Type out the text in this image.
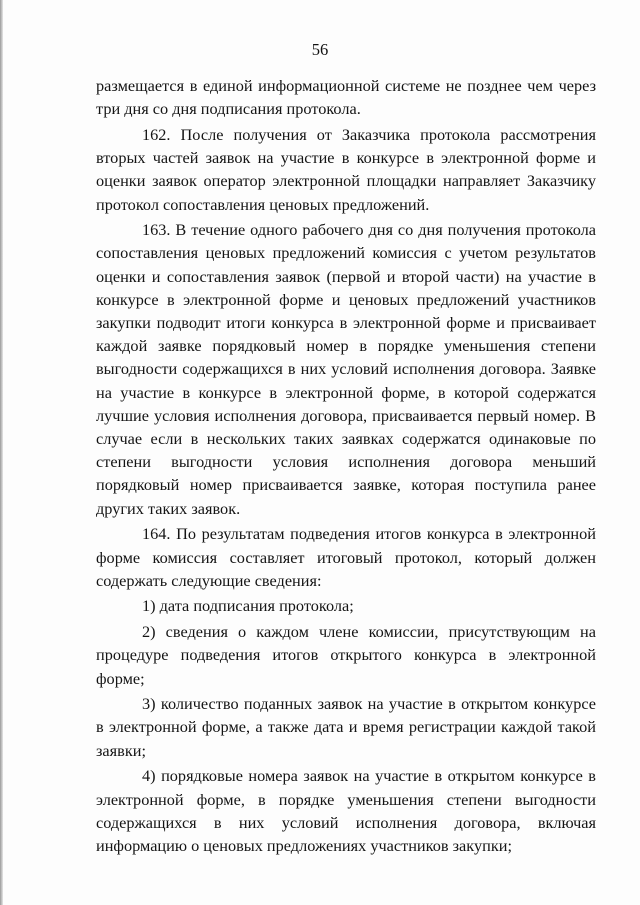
56

размещается в единой информационной системе не позднее чем через три дня со дня подписания протокола.

162. После получения от Заказчика протокола рассмотрения вторых частей заявок на участие в конкурсе в электронной форме и оценки заявок оператор электронной площадки направляет Заказчику протокол сопоставления ценовых предложений.

163. В течение одного рабочего дня со дня получения протокола сопоставления ценовых предложений комиссия с учетом результатов оценки и сопоставления заявок (первой и второй части) на участие в конкурсе в электронной форме и ценовых предложений участников закупки подводит итоги конкурса в электронной форме и присваивает каждой заявке порядковый номер в порядке уменьшения степени выгодности содержащихся в них условий исполнения договора. Заявке на участие в конкурсе в электронной форме, в которой содержатся лучшие условия исполнения договора, присваивается первый номер. В случае если в нескольких таких заявках содержатся одинаковые по степени выгодности условия исполнения договора меньший порядковый номер присваивается заявке, которая поступила ранее других таких заявок.

164. По результатам подведения итогов конкурса в электронной форме комиссия составляет итоговый протокол, который должен содержать следующие сведения:

1) дата подписания протокола;

2) сведения о каждом члене комиссии, присутствующим на процедуре подведения итогов открытого конкурса в электронной форме;

3) количество поданных заявок на участие в открытом конкурсе в электронной форме, а также дата и время регистрации каждой такой заявки;

4) порядковые номера заявок на участие в открытом конкурсе в электронной форме, в порядке уменьшения степени выгодности содержащихся в них условий исполнения договора, включая информацию о ценовых предложениях участников закупки;
